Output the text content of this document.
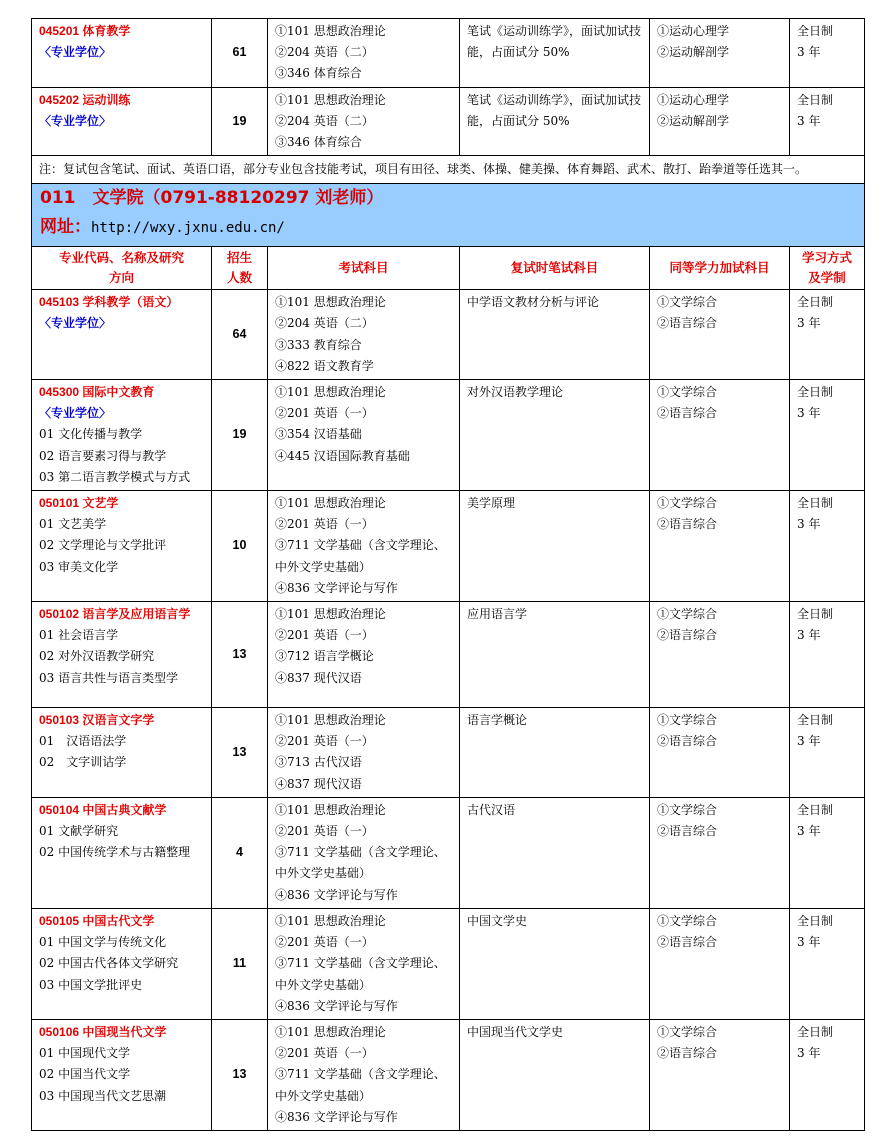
045201 体育教学
〈专业学位〉	61	①101 思想政治理论
②204 英语（二）
③346 体育综合	笔试《运动训练学》，面试加试技能，占面试分 50%	①运动心理学
②运动解剖学	全日制
3 年

045202 运动训练
〈专业学位〉	19	①101 思想政治理论
②204 英语（二）
③346 体育综合	笔试《运动训练学》，面试加试技能，占面试分 50%	①运动心理学
②运动解剖学	全日制
3 年

注：复试包含笔试、面试、英语口语，部分专业包含技能考试，项目有田径、球类、体操、健美操、体育舞蹈、武术、散打、跆拳道等任选其一。					

011　文学院（0791-88120297 刘老师）
网址：http://wxy.jxnu.edu.cn/					

专业代码、名称及研究方向	招生人数	考试科目	复试时笔试科目	同等学力加试科目	学习方式及学制

045103 学科教学（语文）
〈专业学位〉	64	①101 思想政治理论
②204 英语（二）
③333 教育综合
④822 语文教育学	中学语文教材分析与评论	①文学综合
②语言综合	全日制
3 年

045300 国际中文教育
〈专业学位〉
01 文化传播与教学
02 语言要素习得与教学
03 第二语言教学模式与方式	19	①101 思想政治理论
②201 英语（一）
③354 汉语基础
④445 汉语国际教育基础	对外汉语教学理论	①文学综合
②语言综合	全日制
3 年

050101 文艺学
01 文艺美学
02 文学理论与文学批评
03 审美文化学	10	①101 思想政治理论
②201 英语（一）
③711 文学基础（含文学理论、中外文学史基础）
④836 文学评论与写作	美学原理	①文学综合
②语言综合	全日制
3 年

050102 语言学及应用语言学
01 社会语言学
02 对外汉语教学研究
03 语言共性与语言类型学	13	①101 思想政治理论
②201 英语（一）
③712 语言学概论
④837 现代汉语	应用语言学	①文学综合
②语言综合	全日制
3 年

050103 汉语言文字学
01　汉语语法学
02　文字训诂学	13	①101 思想政治理论
②201 英语（一）
③713 古代汉语
④837 现代汉语	语言学概论	①文学综合
②语言综合	全日制
3 年

050104 中国古典文献学
01 文献学研究
02 中国传统学术与古籍整理	4	①101 思想政治理论
②201 英语（一）
③711 文学基础（含文学理论、中外文学史基础）
④836 文学评论与写作	古代汉语	①文学综合
②语言综合	全日制
3 年

050105 中国古代文学
01 中国文学与传统文化
02 中国古代各体文学研究
03 中国文学批评史	11	①101 思想政治理论
②201 英语（一）
③711 文学基础（含文学理论、中外文学史基础）
④836 文学评论与写作	中国文学史	①文学综合
②语言综合	全日制
3 年

050106 中国现当代文学
01 中国现代文学
02 中国当代文学
03 中国现当代文艺思潮	13	①101 思想政治理论
②201 英语（一）
③711 文学基础（含文学理论、中外文学史基础）
④836 文学评论与写作	中国现当代文学史	①文学综合
②语言综合	全日制
3 年
